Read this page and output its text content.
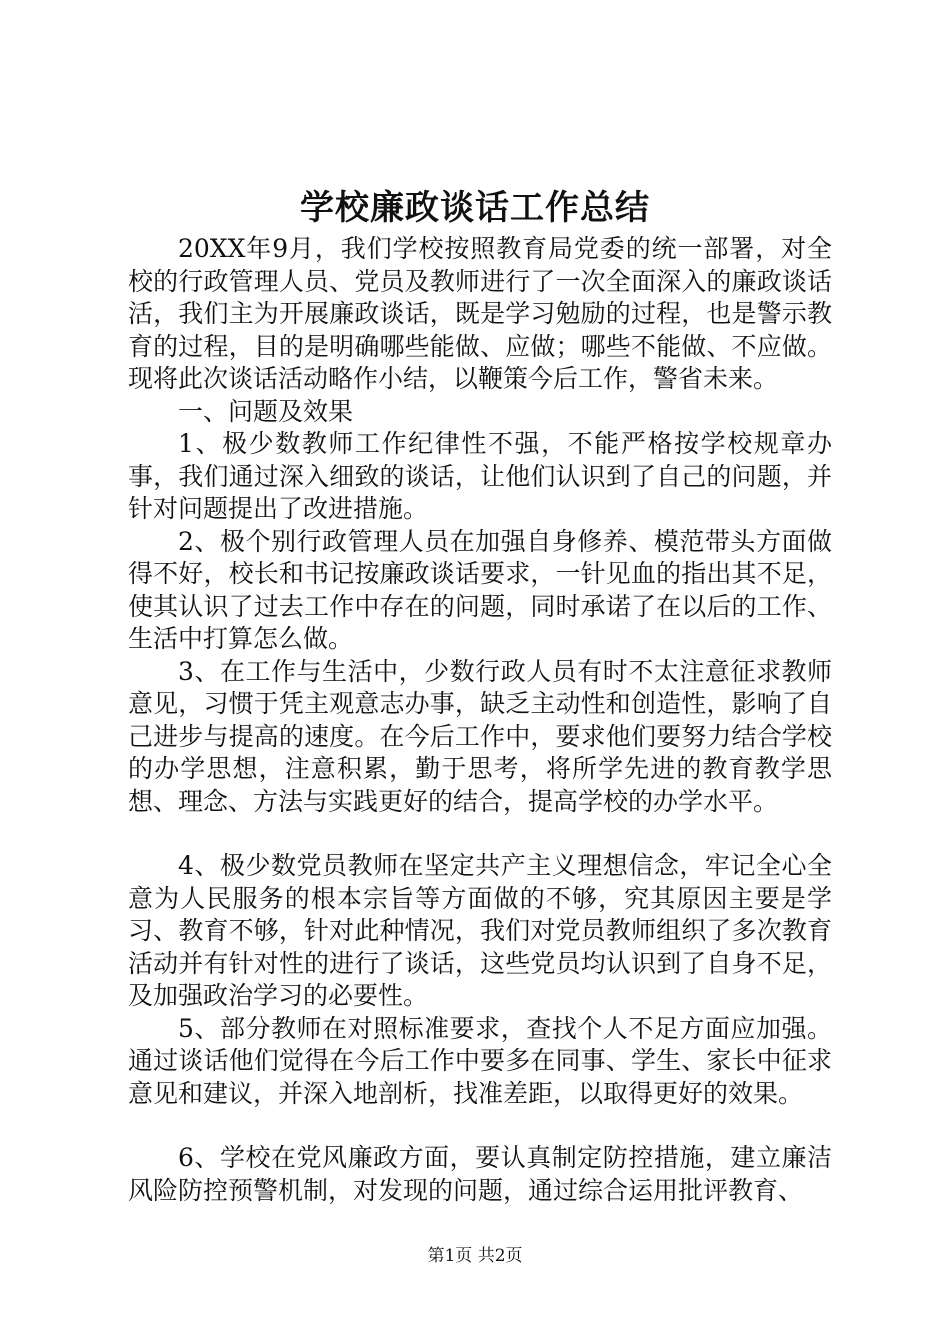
学校廉政谈话工作总结

20XX年9月，我们学校按照教育局党委的统一部署，对全校的行政管理人员、党员及教师进行了一次全面深入的廉政谈话活，我们主为开展廉政谈话，既是学习勉励的过程，也是警示教育的过程，目的是明确哪些能做、应做；哪些不能做、不应做。现将此次谈话活动略作小结，以鞭策今后工作，警省未来。

一、问题及效果

1、极少数教师工作纪律性不强，不能严格按学校规章办事，我们通过深入细致的谈话，让他们认识到了自己的问题，并针对问题提出了改进措施。

2、极个别行政管理人员在加强自身修养、模范带头方面做得不好，校长和书记按廉政谈话要求，一针见血的指出其不足，使其认识了过去工作中存在的问题，同时承诺了在以后的工作、生活中打算怎么做。

3、在工作与生活中，少数行政人员有时不太注意征求教师意见，习惯于凭主观意志办事，缺乏主动性和创造性，影响了自己进步与提高的速度。在今后工作中，要求他们要努力结合学校的办学思想，注意积累，勤于思考，将所学先进的教育教学思想、理念、方法与实践更好的结合，提高学校的办学水平。

4、极少数党员教师在坚定共产主义理想信念，牢记全心全意为人民服务的根本宗旨等方面做的不够，究其原因主要是学习、教育不够，针对此种情况，我们对党员教师组织了多次教育活动并有针对性的进行了谈话，这些党员均认识到了自身不足，及加强政治学习的必要性。

5、部分教师在对照标准要求，查找个人不足方面应加强。通过谈话他们觉得在今后工作中要多在同事、学生、家长中征求意见和建议，并深入地剖析，找准差距，以取得更好的效果。

6、学校在党风廉政方面，要认真制定防控措施，建立廉洁风险防控预警机制，对发现的问题，通过综合运用批评教育、

第1页 共2页
